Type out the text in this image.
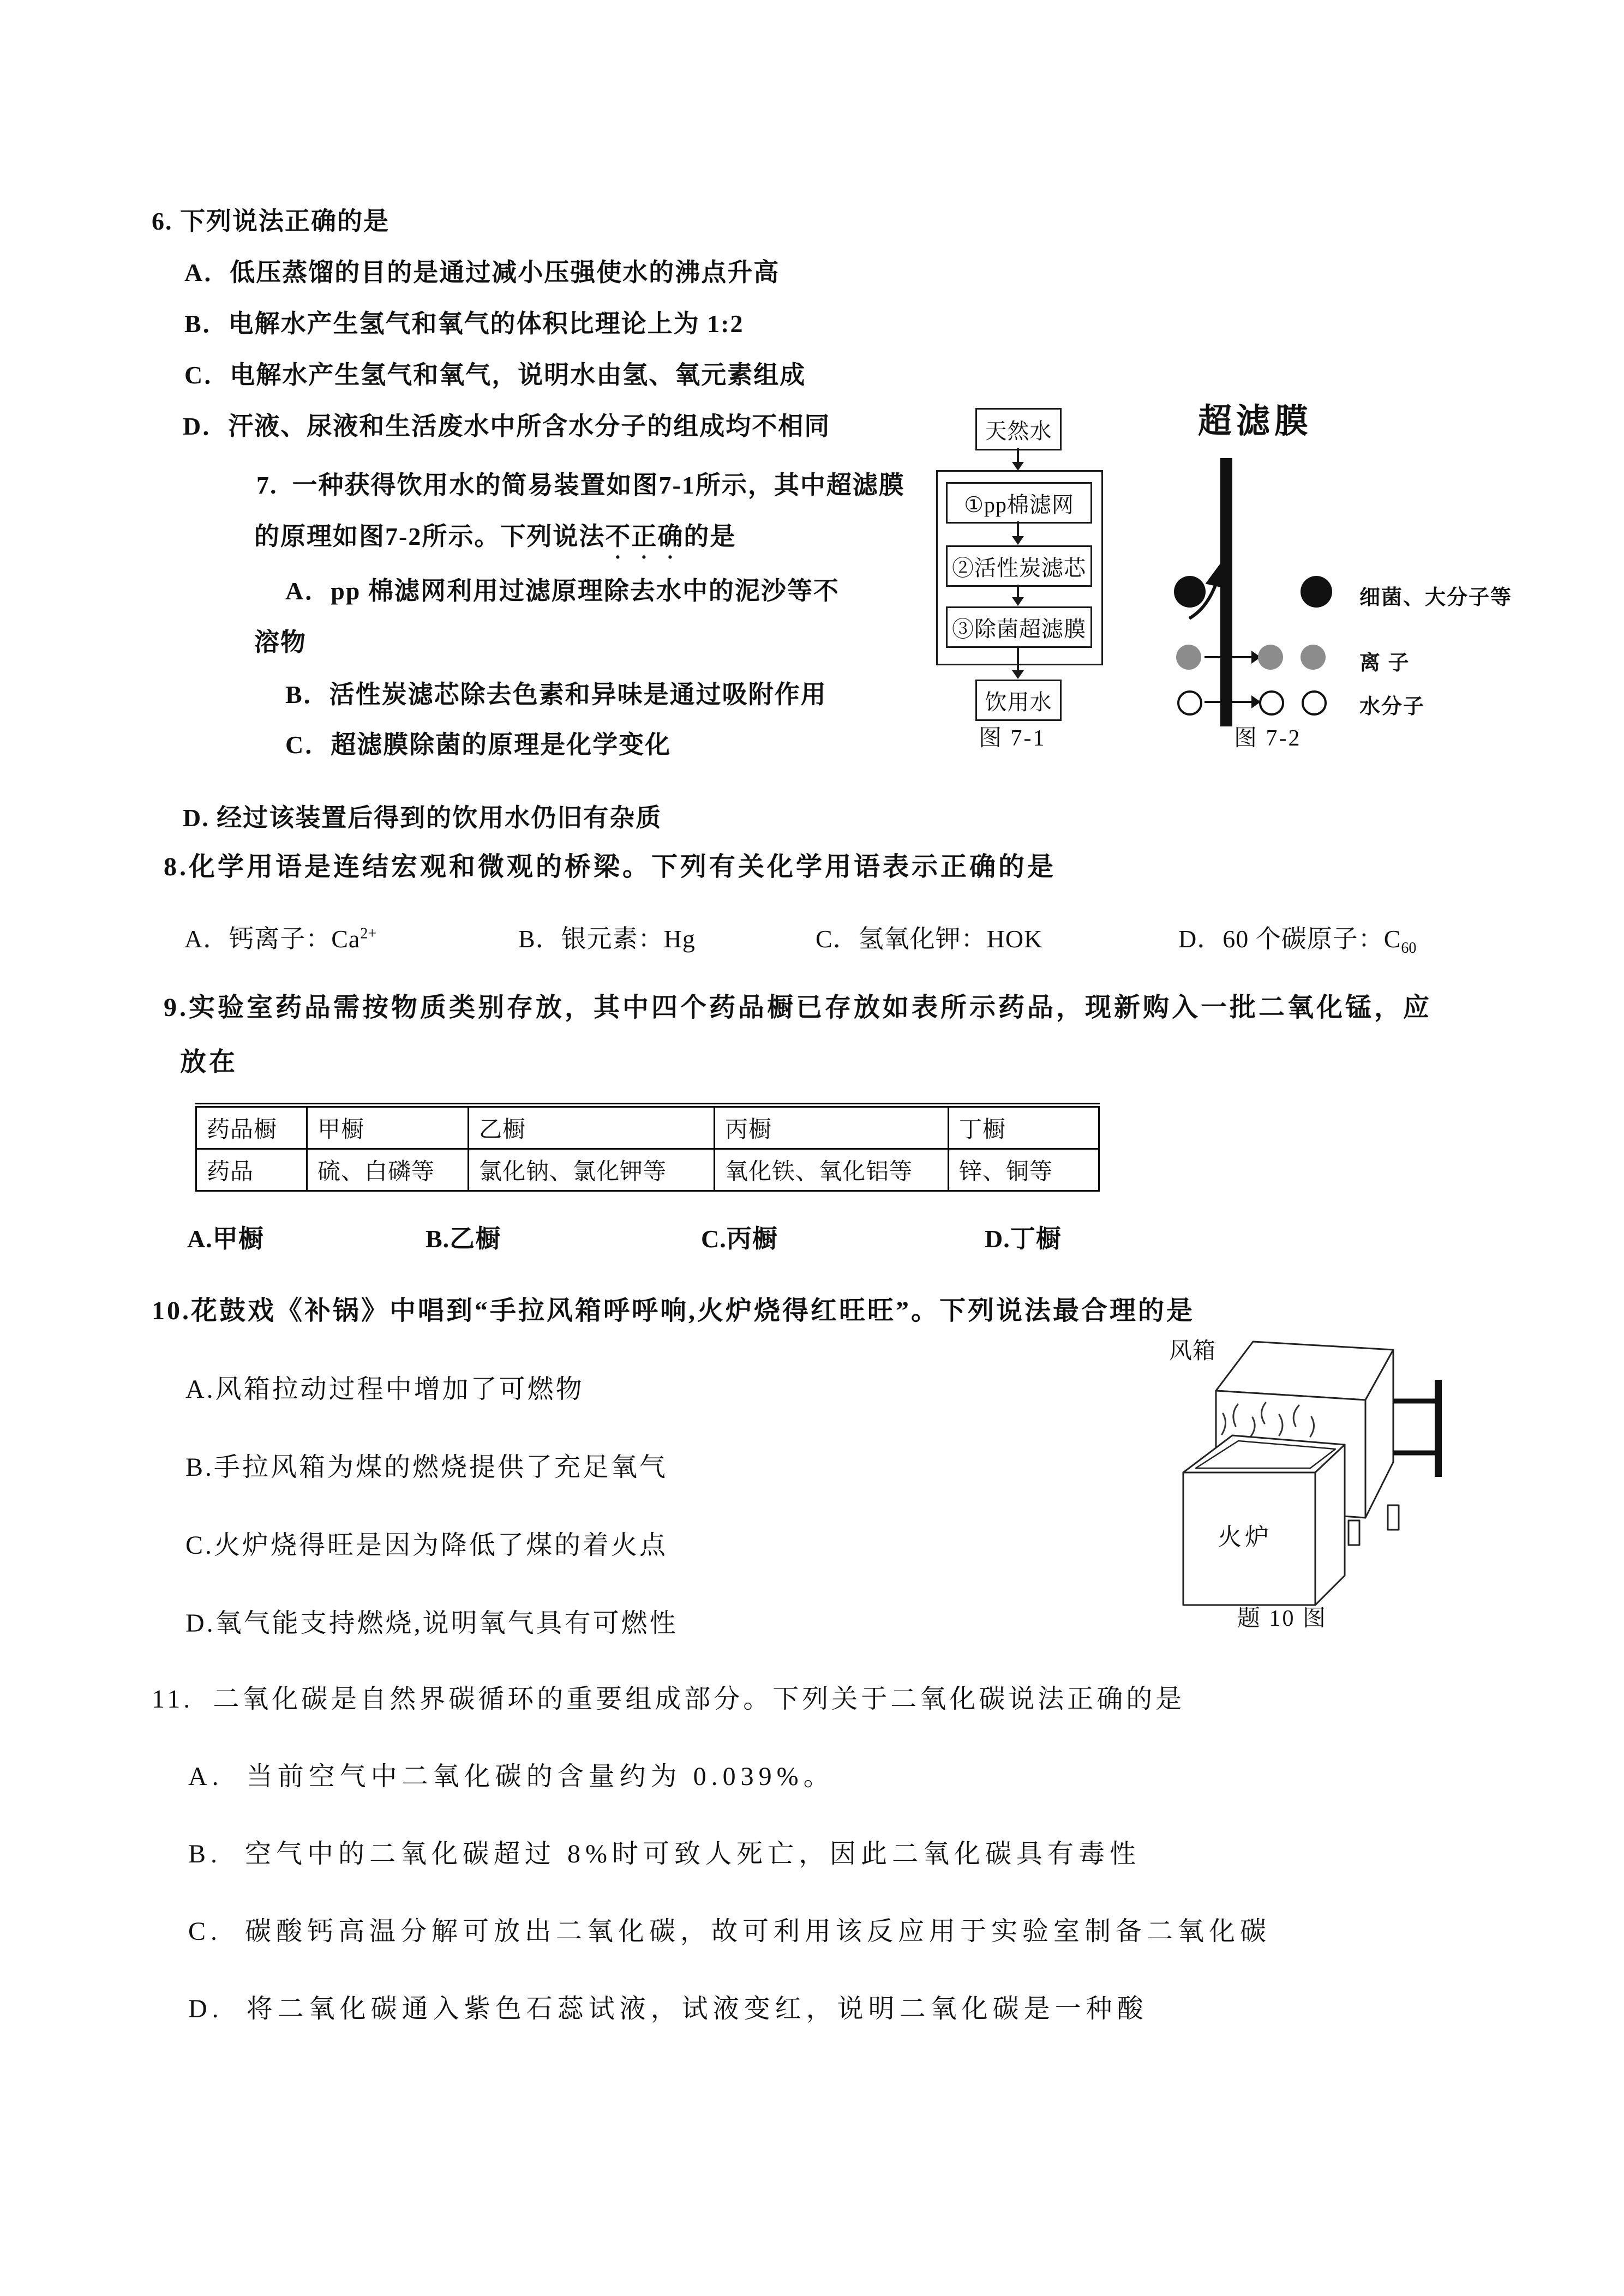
6. 下列说法正确的是
A．低压蒸馏的目的是通过减小压强使水的沸点升高
B．电解水产生氢气和氧气的体积比理论上为 1:2
C．电解水产生氢气和氧气，说明水由氢、氧元素组成
D．汗液、尿液和生活废水中所含水分子的组成均不相同
7.  一种获得饮用水的简易装置如图7-1所示，其中超滤膜
的原理如图7-2所示。下列说法不正确的是
A．pp 棉滤网利用过滤原理除去水中的泥沙等不
溶物
B．活性炭滤芯除去色素和异味是通过吸附作用
C．超滤膜除菌的原理是化学变化
D. 经过该装置后得到的饮用水仍旧有杂质
天然水
①pp棉滤网
②活性炭滤芯
③除菌超滤膜
饮用水
图 7-1
超滤膜
细菌、大分子等
离 子
水分子
图 7-2
8.化学用语是连结宏观和微观的桥梁。下列有关化学用语表示正确的是
A．钙离子：$Ca^{2+}$	B．银元素：Hg	C．氢氧化钾：HOK	D．60 个碳原子：$C_{60}$
9.实验室药品需按物质类别存放，其中四个药品橱已存放如表所示药品，现新购入一批二氧化锰，应
放在
药品橱	甲橱	乙橱	丙橱	丁橱
药品	硫、白磷等	氯化钠、氯化钾等	氧化铁、氧化铝等	锌、铜等
A.甲橱	B.乙橱	C.丙橱	D.丁橱
10.花鼓戏《补锅》中唱到“手拉风箱呼呼响,火炉烧得红旺旺”。下列说法最合理的是
A.风箱拉动过程中增加了可燃物
B.手拉风箱为煤的燃烧提供了充足氧气
C.火炉烧得旺是因为降低了煤的着火点
D.氧气能支持燃烧,说明氧气具有可燃性
风箱
火炉
题 10 图
11.  二氧化碳是自然界碳循环的重要组成部分。下列关于二氧化碳说法正确的是
A.  当前空气中二氧化碳的含量约为 0.039%。
B.  空气中的二氧化碳超过 8%时可致人死亡，因此二氧化碳具有毒性
C.  碳酸钙高温分解可放出二氧化碳，故可利用该反应用于实验室制备二氧化碳
D.  将二氧化碳通入紫色石蕊试液，试液变红，说明二氧化碳是一种酸
